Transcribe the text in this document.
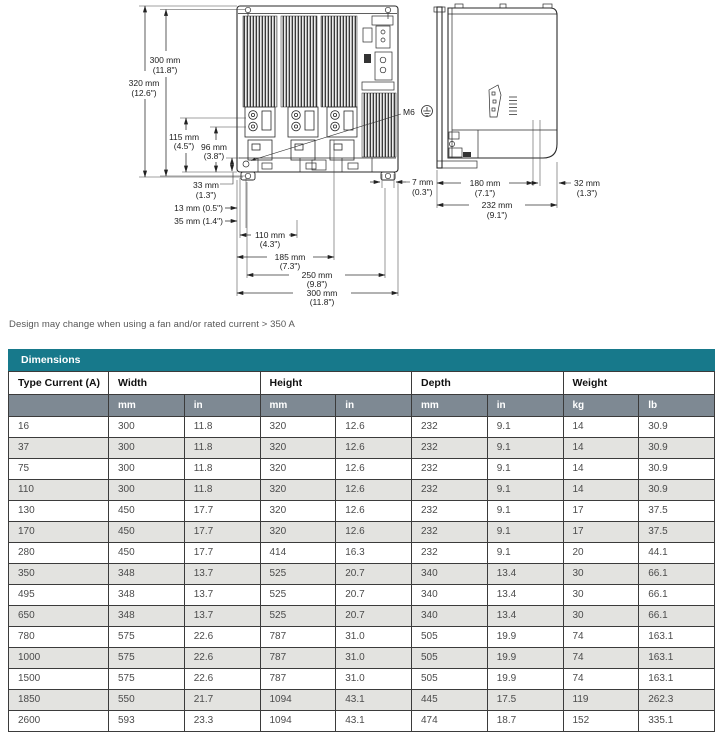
320 mm
(12.6")
300 mm
(11.8")
115 mm
(4.5") 96 mm
(3.8")
33 mm
(1.3")
13 mm (0.5")
35 mm (1.4")
110 mm
(4.3")
185 mm
(7.3")
250 mm
(9.8")
300 mm
(11.8")
7 mm
(0.3")
M6
180 mm
(7.1")
32 mm
(1.3")
232 mm
(9.1")
Design may change when using a fan and/or rated current > 350 A
Dimensions
Type Current (A)	Width		Height		Depth		Weight	
	mm	in	mm	in	mm	in	kg	lb
16	300	11.8	320	12.6	232	9.1	14	30.9
37	300	11.8	320	12.6	232	9.1	14	30.9
75	300	11.8	320	12.6	232	9.1	14	30.9
110	300	11.8	320	12.6	232	9.1	14	30.9
130	450	17.7	320	12.6	232	9.1	17	37.5
170	450	17.7	320	12.6	232	9.1	17	37.5
280	450	17.7	414	16.3	232	9.1	20	44.1
350	348	13.7	525	20.7	340	13.4	30	66.1
495	348	13.7	525	20.7	340	13.4	30	66.1
650	348	13.7	525	20.7	340	13.4	30	66.1
780	575	22.6	787	31.0	505	19.9	74	163.1
1000	575	22.6	787	31.0	505	19.9	74	163.1
1500	575	22.6	787	31.0	505	19.9	74	163.1
1850	550	21.7	1094	43.1	445	17.5	119	262.3
2600	593	23.3	1094	43.1	474	18.7	152	335.1
